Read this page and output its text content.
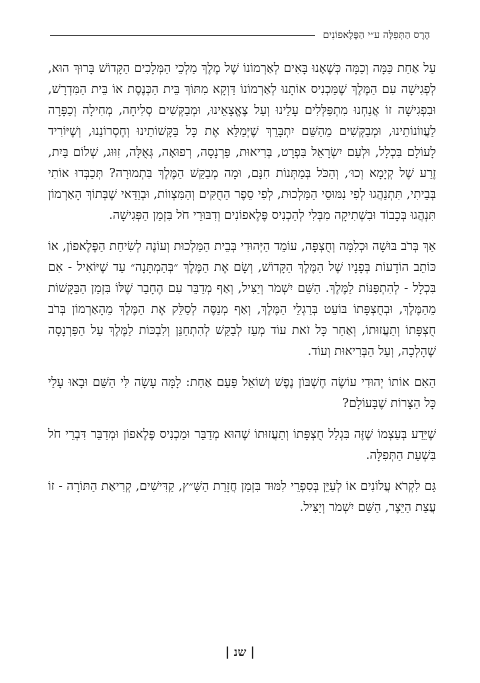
הֶרֶס הַתְּפִלָּה ע״י הַפֶּלֶאפוֹנִים

עַל אַחַת כַּמָּה וְכַמָּה כְּשֶׁאָנוּ בָּאִים לְאַרְמוֹנוֹ שֶׁל מֶלֶךְ מַלְכֵי הַמְּלָכִים הַקָּדוֹשׁ בָּרוּךְ הוּא, לְפְגִישָׁה עִם הַמֶּלֶךְ שֶׁמַּכְנִיס אוֹתָנוּ לְאַרְמוֹנוֹ דַּוְקָא מִתּוֹךְ בֵּית הַכְּנֶסֶת אוֹ בֵּית הַמִּדְרָשׁ, וּבִפְגִישָׁה זוֹ אֲנַחְנוּ מִתְפַּלְּלִים עָלֵינוּ וְעַל צֶאֱצָאֵינוּ, וּמְבַקְּשִׁים סְלִיחָה, מְחִילָה וְכַפָּרָה לַעֲווֹנוֹתֵינוּ, וּמְבַקְּשִׁים מֵהַשֵּׁם יִתְבָּרֵךְ שֶׁיְּמַלֵּא אֶת כָּל בַּקָּשׁוֹתֵינוּ וְחֶסְרוֹנֵנוּ, וְשֶׁיּוֹרִיד לָעוֹלָם בִּכְלָל, וּלְעַם יִשְׂרָאֵל בִּפְרָט, בְּרִיאוּת, פַּרְנָסָה, רְפוּאָה, גְּאֻלָּה, זִוּוּג, שְׁלוֹם בַּיִת, זֶרַע שֶׁל קְיָמָא וְכוּ׳, וְהַכֹּל בְּמַתְּנוֹת חִנָּם, וּמָה מְבַקֵּשׁ הַמֶּלֶךְ בִּתְמוּרָה? תְּכַבְּדוּ אוֹתִי בְּבֵיתִי, תִּתְנַהֲגוּ לְפִי נִמּוּסֵי הַמַּלְכוּת, לְפִי סֵפֶר הַחֻקִּים וְהַמִּצְווֹת, וּבְוַדַּאי שֶׁבְּתוֹךְ הָאַרְמוֹן תִּנְהֲגוּ בְּכָבוֹד וּבִשְׁתִיקָה מִבְּלִי לְהַכְנִיס פֶּלֶאפוֹנִים וְדִבּוּרֵי חֹל בִּזְמַן הַפְּגִישָׁה.

אַךְ בְּרֹב בּוּשָׁה וּכְלִמָּה וְחֻצְפָּה, עוֹמֵד הַיְּהוּדִי בְּבֵית הַמַּלְכוּת וְעוֹנֶה לְשִׂיחַת הַפֶּלֶאפוֹן, אוֹ כּוֹתֵב הוֹדָעוֹת בְּפָנָיו שֶׁל הַמֶּלֶךְ הַקָּדוֹשׁ, וְשָׂם אֶת הַמֶּלֶךְ ״בְּהַמְתָּנָה״ עַד שֶׁיּוֹאִיל - אִם בִּכְלָל - לְהִתְפַּנּוֹת לַמֶּלֶךְ. הַשֵּׁם יִשְׁמֹר וְיַצִּיל, וְאַף מְדַבֵּר עִם הֶחָבֵר שֶׁלּוֹ בִּזְמַן הַבַּקָּשׁוֹת מֵהַמֶּלֶךְ, וּבְחֻצְפָּתוֹ בּוֹעֵט בְּרַגְלֵי הַמֶּלֶךְ, וְאַף מְנַסֶּה לְסַלֵּק אֶת הַמֶּלֶךְ מֵהָאַרְמוֹן בְּרֹב חֻצְפָּתוֹ וְתַעֲזוּתוֹ, וְאַחַר כָּל זֹאת עוֹד מְעֵז לְבַקֵּשׁ לְהִתְחַנֵּן וְלִבְכּוֹת לַמֶּלֶךְ עַל הַפַּרְנָסָה שֶׁהָלְכָה, וְעַל הַבְּרִיאוּת וְעוֹד.

הַאִם אוֹתוֹ יְהוּדִי עוֹשֶׂה חֶשְׁבּוֹן נֶפֶשׁ וְשׁוֹאֵל פַּעַם אַחַת: לָמָּה עָשָׂה לִּי הַשֵּׁם וּבָאוּ עָלַי כָּל הַצָּרוֹת שֶׁבָּעוֹלָם?

שֶׁיֵּדַע בְּעַצְמוֹ שֶׁזֶּה בִּגְלַל חֻצְפָּתוֹ וְתַעֲזוּתוֹ שֶׁהוּא מְדַבֵּר וּמַכְנִיס פֶּלֶאפוֹן וּמְדַבֵּר דִּבְרֵי חֹל בִּשְׁעַת הַתְּפִלָּה.

גַּם לִקְרֹא עֲלוֹנִים אוֹ לְעַיֵּן בְּסִפְרֵי לִמּוּד בִּזְמַן חֲזָרַת הַשַּׁ״ץ, קַדִּישִׁים, קְרִיאַת הַתּוֹרָה - זוֹ עֲצַת הַיֵּצֶר, הַשֵּׁם יִשְׁמֹר וְיַצִּיל.

| שנ |
